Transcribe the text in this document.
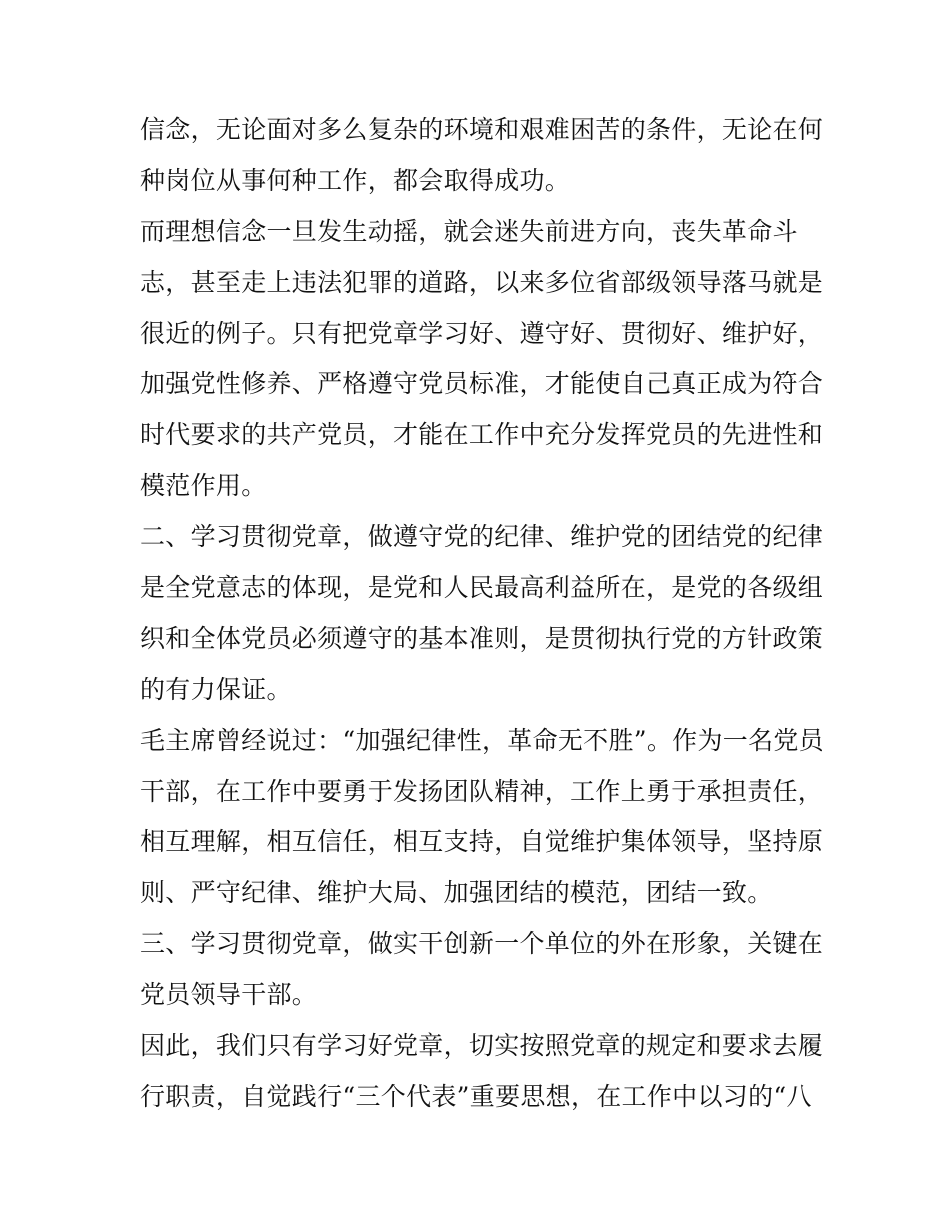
信念，无论面对多么复杂的环境和艰难困苦的条件，无论在何
种岗位从事何种工作，都会取得成功。
而理想信念一旦发生动摇，就会迷失前进方向，丧失革命斗
志，甚至走上违法犯罪的道路，以来多位省部级领导落马就是
很近的例子。只有把党章学习好、遵守好、贯彻好、维护好，
加强党性修养、严格遵守党员标准，才能使自己真正成为符合
时代要求的共产党员，才能在工作中充分发挥党员的先进性和
模范作用。
二、学习贯彻党章，做遵守党的纪律、维护党的团结党的纪律
是全党意志的体现，是党和人民最高利益所在，是党的各级组
织和全体党员必须遵守的基本准则，是贯彻执行党的方针政策
的有力保证。
毛主席曾经说过：“加强纪律性，革命无不胜”。作为一名党员
干部，在工作中要勇于发扬团队精神，工作上勇于承担责任，
相互理解，相互信任，相互支持，自觉维护集体领导，坚持原
则、严守纪律、维护大局、加强团结的模范，团结一致。
三、学习贯彻党章，做实干创新一个单位的外在形象，关键在
党员领导干部。
因此，我们只有学习好党章，切实按照党章的规定和要求去履
行职责，自觉践行“三个代表”重要思想，在工作中以习的“八
